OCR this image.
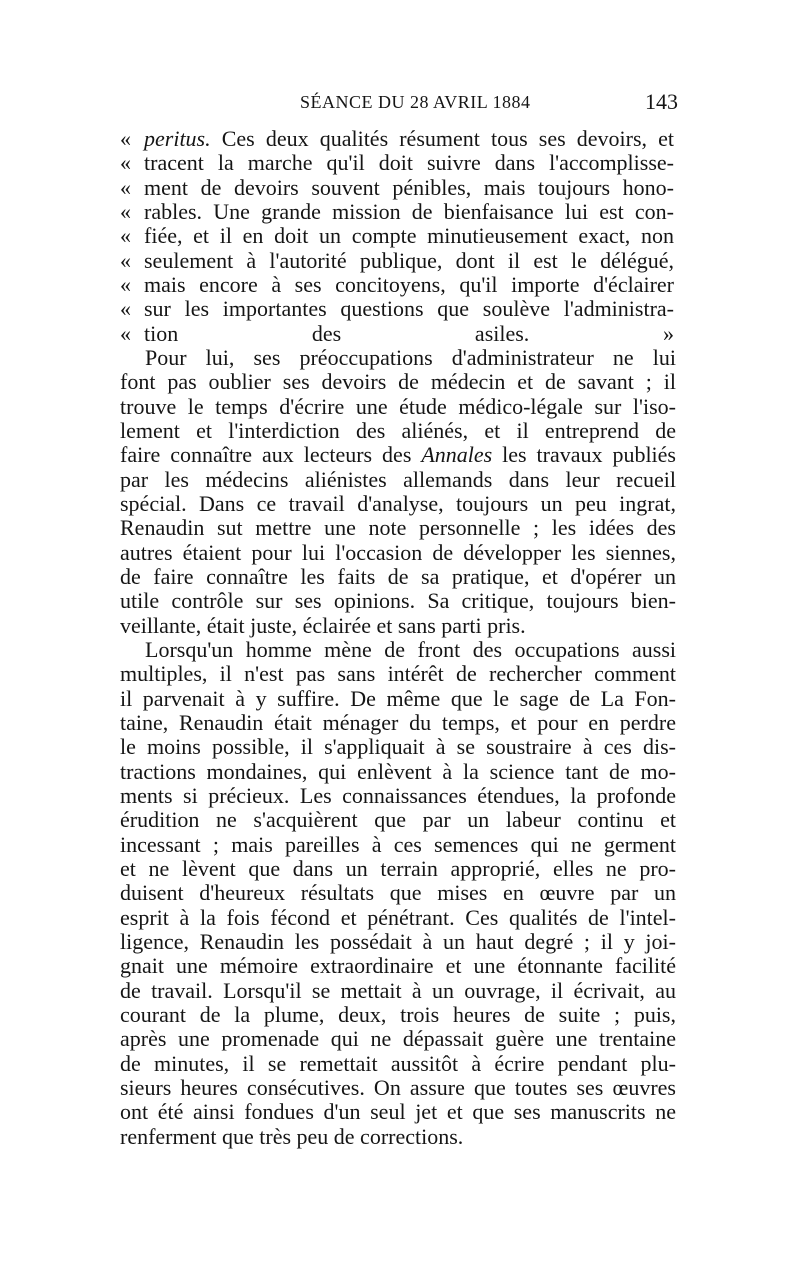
SÉANCE DU 28 AVRIL 1884	143
« peritus. Ces deux qualités résument tous ses devoirs, et
« tracent la marche qu'il doit suivre dans l'accomplisse-
« ment de devoirs souvent pénibles, mais toujours hono-
« rables. Une grande mission de bienfaisance lui est con-
« fiée, et il en doit un compte minutieusement exact, non
« seulement à l'autorité publique, dont il est le délégué,
« mais encore à ses concitoyens, qu'il importe d'éclairer
« sur les importantes questions que soulève l'administra-
« tion des asiles. »
Pour lui, ses préoccupations d'administrateur ne lui
font pas oublier ses devoirs de médecin et de savant ; il
trouve le temps d'écrire une étude médico-légale sur l'iso-
lement et l'interdiction des aliénés, et il entreprend de
faire connaître aux lecteurs des Annales les travaux publiés
par les médecins aliénistes allemands dans leur recueil
spécial. Dans ce travail d'analyse, toujours un peu ingrat,
Renaudin sut mettre une note personnelle ; les idées des
autres étaient pour lui l'occasion de développer les siennes,
de faire connaître les faits de sa pratique, et d'opérer un
utile contrôle sur ses opinions. Sa critique, toujours bien-
veillante, était juste, éclairée et sans parti pris.
Lorsqu'un homme mène de front des occupations aussi
multiples, il n'est pas sans intérêt de rechercher comment
il parvenait à y suffire. De même que le sage de La Fon-
taine, Renaudin était ménager du temps, et pour en perdre
le moins possible, il s'appliquait à se soustraire à ces dis-
tractions mondaines, qui enlèvent à la science tant de mo-
ments si précieux. Les connaissances étendues, la profonde
érudition ne s'acquièrent que par un labeur continu et
incessant ; mais pareilles à ces semences qui ne germent
et ne lèvent que dans un terrain approprié, elles ne pro-
duisent d'heureux résultats que mises en œuvre par un
esprit à la fois fécond et pénétrant. Ces qualités de l'intel-
ligence, Renaudin les possédait à un haut degré ; il y joi-
gnait une mémoire extraordinaire et une étonnante facilité
de travail. Lorsqu'il se mettait à un ouvrage, il écrivait, au
courant de la plume, deux, trois heures de suite ; puis,
après une promenade qui ne dépassait guère une trentaine
de minutes, il se remettait aussitôt à écrire pendant plu-
sieurs heures consécutives. On assure que toutes ses œuvres
ont été ainsi fondues d'un seul jet et que ses manuscrits ne
renferment que très peu de corrections.
